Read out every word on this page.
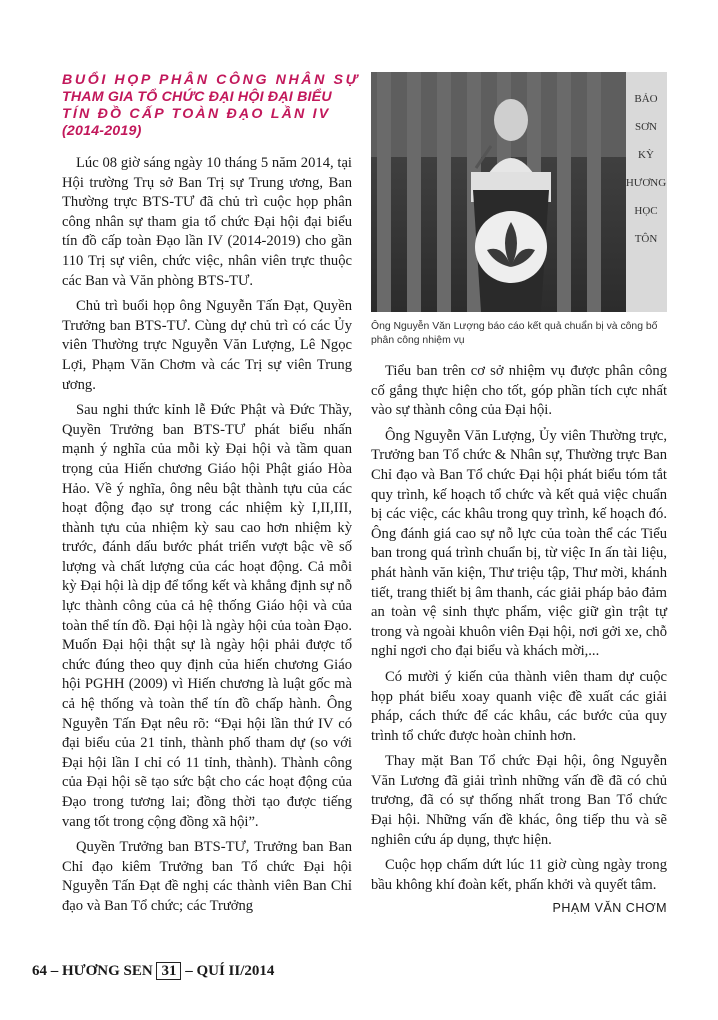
BUỔI HỌP PHÂN CÔNG NHÂN SỰ
THAM GIA TỔ CHỨC ĐẠI HỘI ĐẠI BIỂU
TÍN ĐỒ CẤP TOÀN ĐẠO LẦN IV
(2014-2019)

Lúc 08 giờ sáng ngày 10 tháng 5 năm 2014, tại Hội trường Trụ sở Ban Trị sự Trung ương, Ban Thường trực BTS-TƯ đã chủ trì cuộc họp phân công nhân sự tham gia tổ chức Đại hội đại biểu tín đồ cấp toàn Đạo lần IV (2014-2019) cho gần 110 Trị sự viên, chức việc, nhân viên trực thuộc các Ban và Văn phòng BTS-TƯ.

Chủ trì buổi họp ông Nguyễn Tấn Đạt, Quyền Trưởng ban BTS-TƯ. Cùng dự chủ trì có các Ủy viên Thường trực Nguyễn Văn Lượng, Lê Ngọc Lợi, Phạm Văn Chơm và các Trị sự viên Trung ương.

Sau nghi thức kỉnh lễ Đức Phật và Đức Thầy, Quyền Trưởng ban BTS-TƯ phát biểu nhấn mạnh ý nghĩa của mỗi kỳ Đại hội và tầm quan trọng của Hiến chương Giáo hội Phật giáo Hòa Hảo. Về ý nghĩa, ông nêu bật thành tựu của các hoạt động đạo sự trong các nhiệm kỳ I,II,III, thành tựu của nhiệm kỳ sau cao hơn nhiệm kỳ trước, đánh dấu bước phát triển vượt bậc về số lượng và chất lượng của các hoạt động. Cả mỗi kỳ Đại hội là dịp để tổng kết và khẳng định sự nỗ lực thành công của cả hệ thống Giáo hội và của toàn thể tín đồ. Đại hội là ngày hội của toàn Đạo. Muốn Đại hội thật sự là ngày hội phải được tổ chức đúng theo quy định của hiến chương Giáo hội PGHH (2009) vì Hiến chương là luật gốc mà cả hệ thống và toàn thể tín đồ chấp hành. Ông Nguyễn Tấn Đạt nêu rõ: “Đại hội lần thứ IV có đại biểu của 21 tỉnh, thành phố tham dự (so với Đại hội lần I chỉ có 11 tỉnh, thành). Thành công của Đại hội sẽ tạo sức bật cho các hoạt động của Đạo trong tương lai; đồng thời tạo được tiếng vang tốt trong cộng đồng xã hội”.

Quyền Trưởng ban BTS-TƯ, Trưởng ban Ban Chỉ đạo kiêm Trưởng ban Tổ chức Đại hội Nguyễn Tấn Đạt đề nghị các thành viên Ban Chỉ đạo và Ban Tổ chức; các Trưởng

BẢO
SƠN
KỲ
HƯƠNG
HỌC
TÔN
Ông Nguyễn Văn Lượng báo cáo kết quả chuẩn bị và công bố phân công nhiệm vụ

Tiểu ban trên cơ sở nhiệm vụ được phân công cố gắng thực hiện cho tốt, góp phần tích cực nhất vào sự thành công của Đại hội.

Ông Nguyễn Văn Lượng, Ủy viên Thường trực, Trưởng ban Tổ chức & Nhân sự, Thường trực Ban Chỉ đạo và Ban Tổ chức Đại hội phát biểu tóm tắt quy trình, kế hoạch tổ chức và kết quả việc chuẩn bị các việc, các khâu trong quy trình, kế hoạch đó. Ông đánh giá cao sự nỗ lực của toàn thể các Tiểu ban trong quá trình chuẩn bị, từ việc In ấn tài liệu, phát hành văn kiện, Thư triệu tập, Thư mời, khánh tiết, trang thiết bị âm thanh, các giải pháp bảo đảm an toàn vệ sinh thực phẩm, việc giữ gìn trật tự trong và ngoài khuôn viên Đại hội, nơi gởi xe, chỗ nghỉ ngơi cho đại biểu và khách mời,...

Có mười ý kiến của thành viên tham dự cuộc họp phát biểu xoay quanh việc đề xuất các giải pháp, cách thức để các khâu, các bước của quy trình tổ chức được hoàn chỉnh hơn.

Thay mặt Ban Tổ chức Đại hội, ông Nguyễn Văn Lương đã giải trình những vấn đề đã có chủ trương, đã có sự thống nhất trong Ban Tổ chức Đại hội. Những vấn đề khác, ông tiếp thu và sẽ nghiên cứu áp dụng, thực hiện.

Cuộc họp chấm dứt lúc 11 giờ cùng ngày trong bầu không khí đoàn kết, phấn khởi và quyết tâm.

PHẠM VĂN CHƠM
64 – HƯƠNG SEN 31 – QUÍ II/2014
